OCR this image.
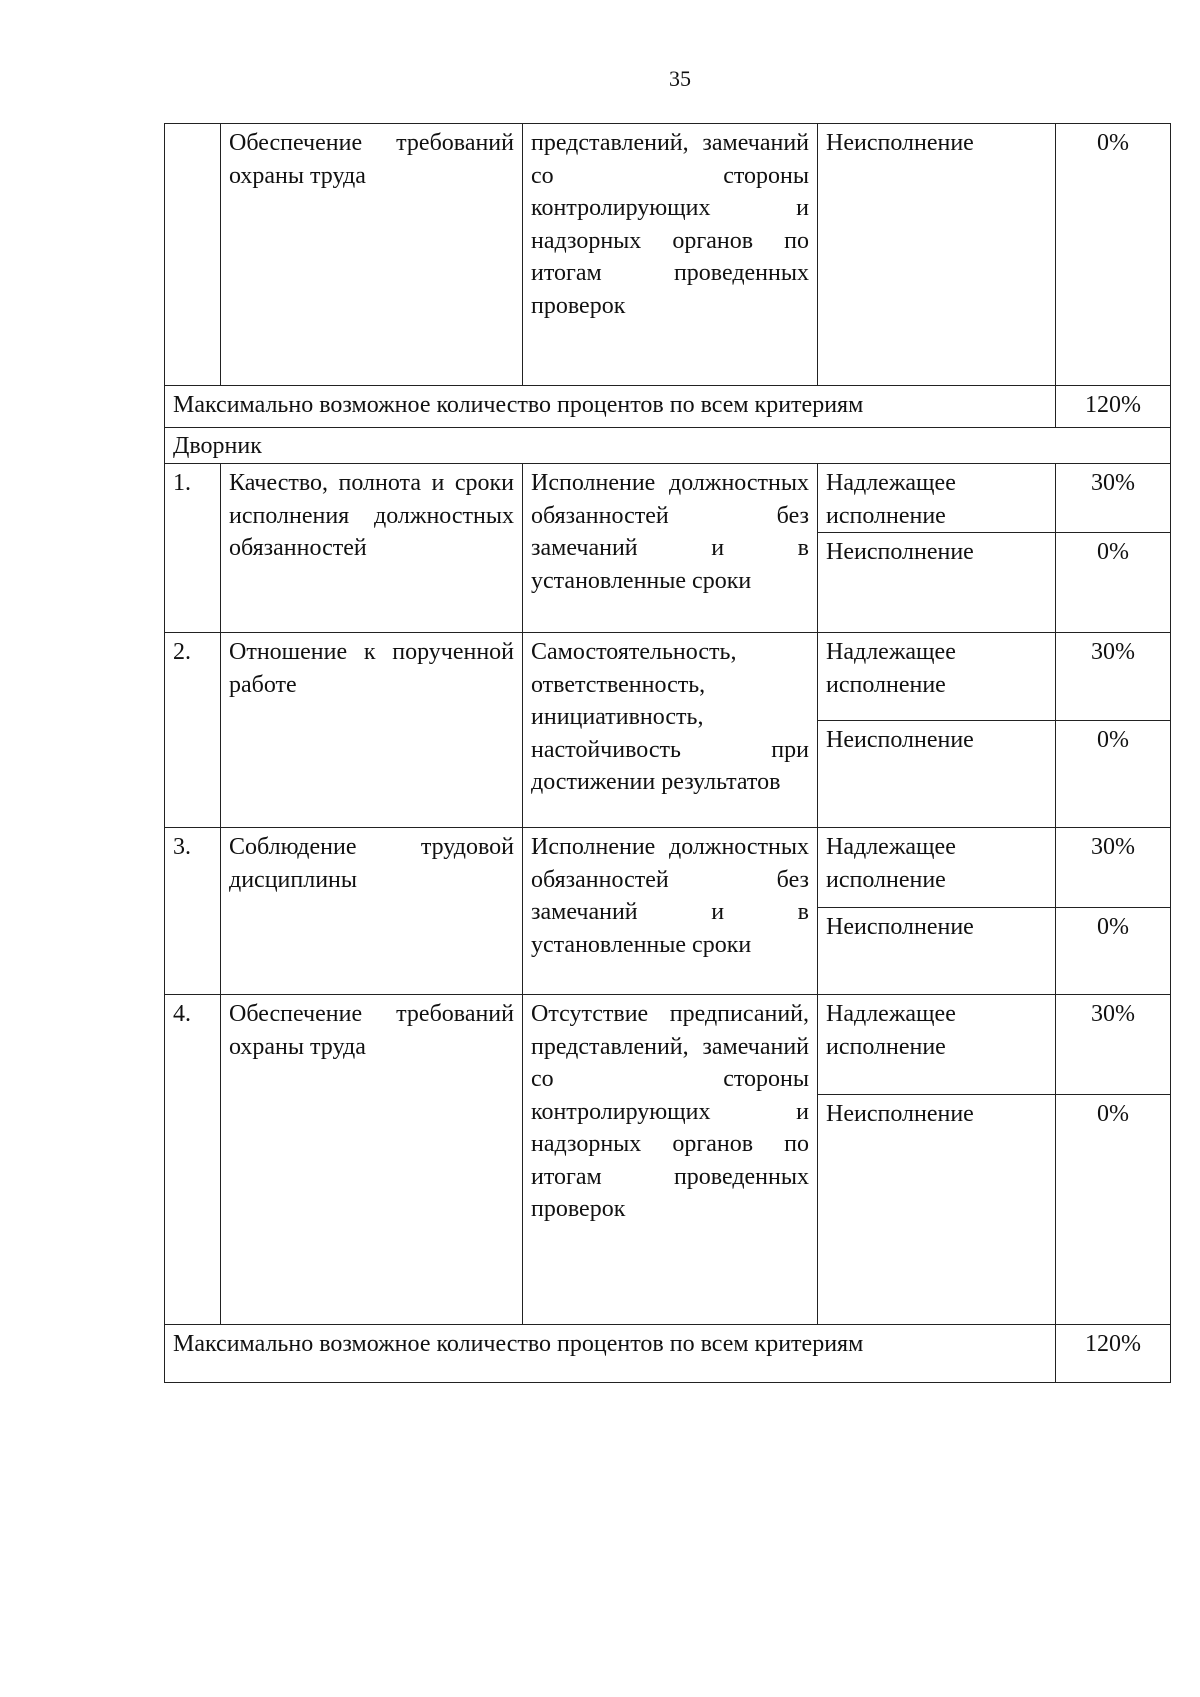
35
	Обеспечение требований охраны труда	представлений, замечаний со стороны контролирующих и надзорных органов по итогам проведенных проверок	Неисполнение	0%
Максимально возможное количество процентов по всем критериям				120%
Дворник				
1.	Качество, полнота и сроки исполнения должностных обязанностей	Исполнение должностных обязанностей без замечаний и в установленные сроки	Надлежащее исполнение	30%
			Неисполнение	0%
2.	Отношение к порученной работе	Самостоятельность, ответственность, инициативность, настойчивость при достижении результатов	Надлежащее исполнение	30%
			Неисполнение	0%
3.	Соблюдение трудовой дисциплины	Исполнение должностных обязанностей без замечаний и в установленные сроки	Надлежащее исполнение	30%
			Неисполнение	0%
4.	Обеспечение требований охраны труда	Отсутствие предписаний, представлений, замечаний со стороны контролирующих и надзорных органов по итогам проведенных проверок	Надлежащее исполнение	30%
			Неисполнение	0%
Максимально возможное количество процентов по всем критериям				120%
